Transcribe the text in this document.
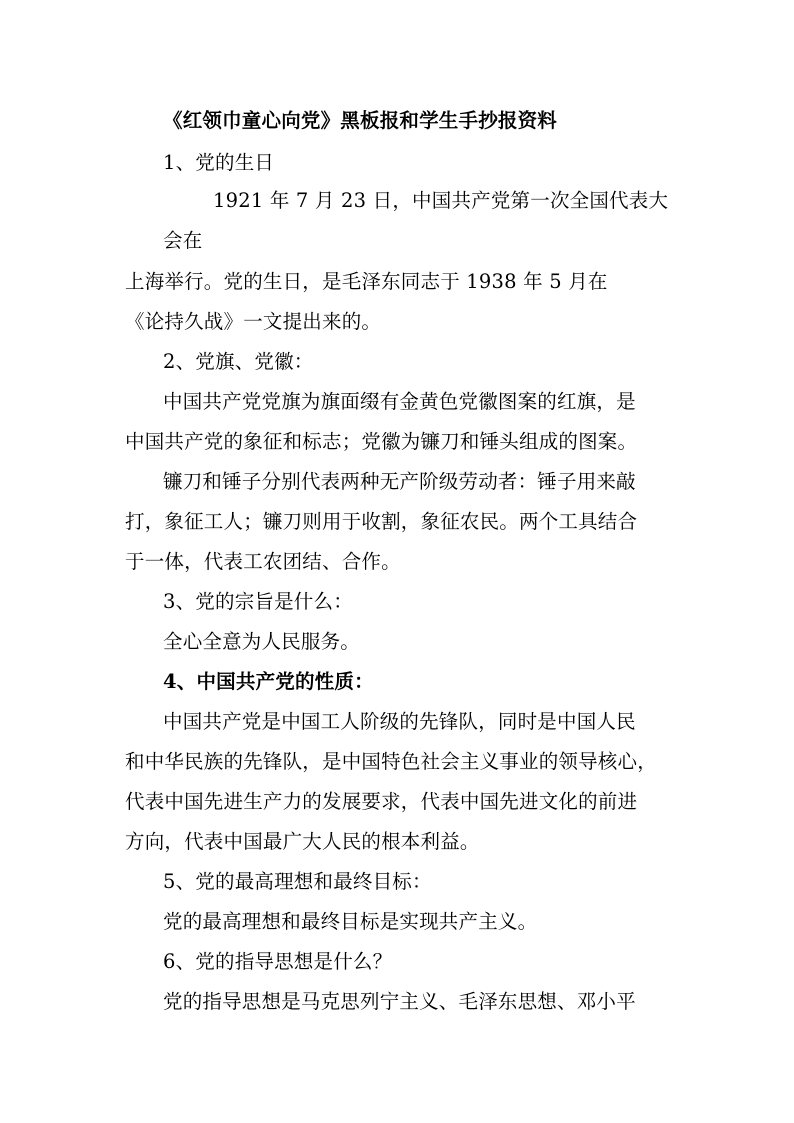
《红领巾童心向党》黑板报和学生手抄报资料
1、党的生日
1921 年 7 月 23 日，中国共产党第一次全国代表大
会在
上海举行。党的生日，是毛泽东同志于 1938 年 5 月在
《论持久战》一文提出来的。
2、党旗、党徽：
中国共产党党旗为旗面缀有金黄色党徽图案的红旗，是
中国共产党的象征和标志；党徽为镰刀和锤头组成的图案。
镰刀和锤子分别代表两种无产阶级劳动者：锤子用来敲
打，象征工人；镰刀则用于收割，象征农民。两个工具结合
于一体，代表工农团结、合作。
3、党的宗旨是什么：
全心全意为人民服务。
4、中国共产党的性质：
中国共产党是中国工人阶级的先锋队，同时是中国人民
和中华民族的先锋队，是中国特色社会主义事业的领导核心，
代表中国先进生产力的发展要求，代表中国先进文化的前进
方向，代表中国最广大人民的根本利益。
5、党的最高理想和最终目标：
党的最高理想和最终目标是实现共产主义。
6、党的指导思想是什么？
党的指导思想是马克思列宁主义、毛泽东思想、邓小平
